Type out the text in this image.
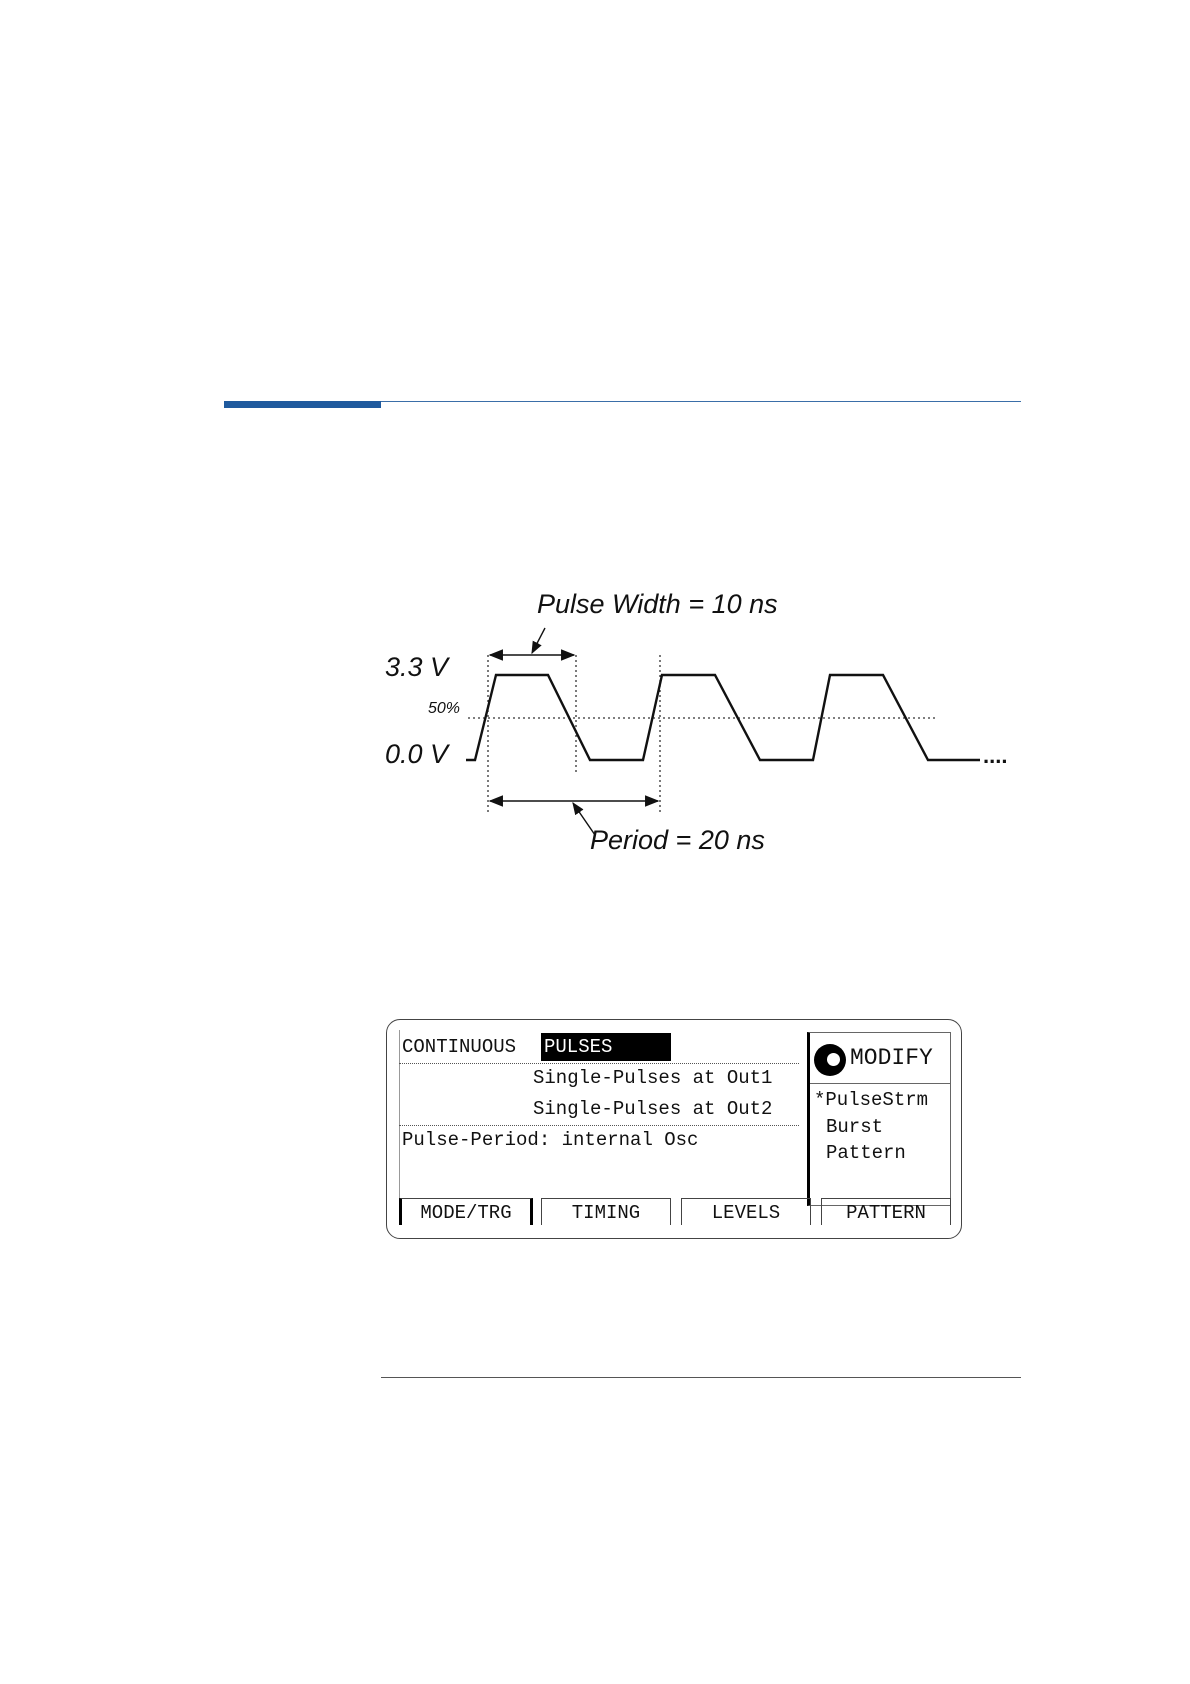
Pulse Width = 10 ns
Period = 20 ns
3.3 V
0.0 V
50%
....
CONTINUOUS PULSES
Single-Pulses at Out1
Single-Pulses at Out2
Pulse-Period: internal Osc
MODIFY
*PulseStrm
Burst
Pattern
MODE/TRG	TIMING	LEVELS	PATTERN
